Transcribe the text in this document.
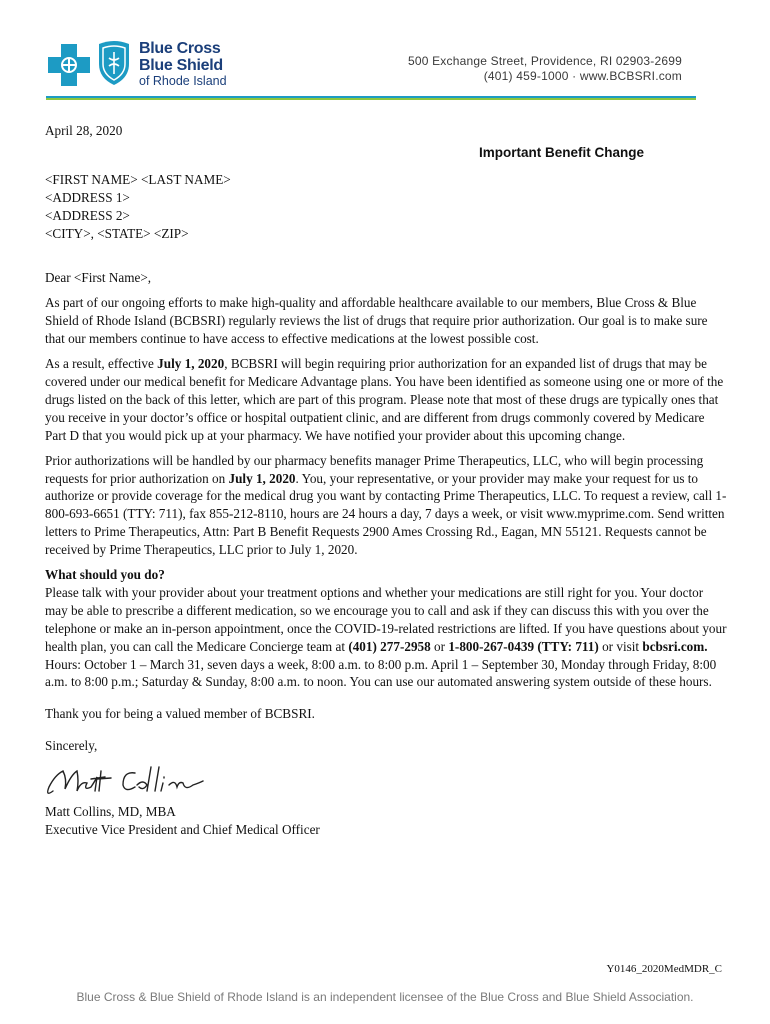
Blue Cross
Blue Shield
of Rhode Island
500 Exchange Street, Providence, RI 02903-2699
(401) 459-1000 · www.BCBSRI.com

April 28, 2020

Important Benefit Change

<FIRST NAME> <LAST NAME>

<ADDRESS 1>

<ADDRESS 2>

<CITY>, <STATE> <ZIP>

Dear <First Name>,

As part of our ongoing efforts to make high-quality and affordable healthcare available to our members, Blue Cross & Blue Shield of Rhode Island (BCBSRI) regularly reviews the list of drugs that require prior authorization. Our goal is to make sure that our members continue to have access to effective medications at the lowest possible cost.

As a result, effective July 1, 2020, BCBSRI will begin requiring prior authorization for an expanded list of drugs that may be covered under our medical benefit for Medicare Advantage plans. You have been identified as someone using one or more of the drugs listed on the back of this letter, which are part of this program. Please note that most of these drugs are typically ones that you receive in your doctor’s office or hospital outpatient clinic, and are different from drugs commonly covered by Medicare Part D that you would pick up at your pharmacy. We have notified your provider about this upcoming change.

Prior authorizations will be handled by our pharmacy benefits manager Prime Therapeutics, LLC, who will begin processing requests for prior authorization on July 1, 2020. You, your representative, or your provider may make your request for us to authorize or provide coverage for the medical drug you want by contacting Prime Therapeutics, LLC. To request a review, call 1-800-693-6651 (TTY: 711), fax 855-212-8110, hours are 24 hours a day, 7 days a week, or visit www.myprime.com. Send written letters to Prime Therapeutics, Attn: Part B Benefit Requests 2900 Ames Crossing Rd., Eagan, MN 55121. Requests cannot be received by Prime Therapeutics, LLC prior to July 1, 2020.

What should you do?

Please talk with your provider about your treatment options and whether your medications are still right for you. Your doctor may be able to prescribe a different medication, so we encourage you to call and ask if they can discuss this with you over the telephone or make an in-person appointment, once the COVID-19-related restrictions are lifted. If you have questions about your health plan, you can call the Medicare Concierge team at (401) 277-2958 or 1-800-267-0439 (TTY: 711) or visit bcbsri.com. Hours: October 1 – March 31, seven days a week, 8:00 a.m. to 8:00 p.m. April 1 – September 30, Monday through Friday, 8:00 a.m. to 8:00 p.m.; Saturday & Sunday, 8:00 a.m. to noon. You can use our automated answering system outside of these hours.

Thank you for being a valued member of BCBSRI.

Sincerely,

Matt Collins, MD, MBA

Executive Vice President and Chief Medical Officer

Y0146_2020MedMDR_C
Blue Cross & Blue Shield of Rhode Island is an independent licensee of the Blue Cross and Blue Shield Association.
